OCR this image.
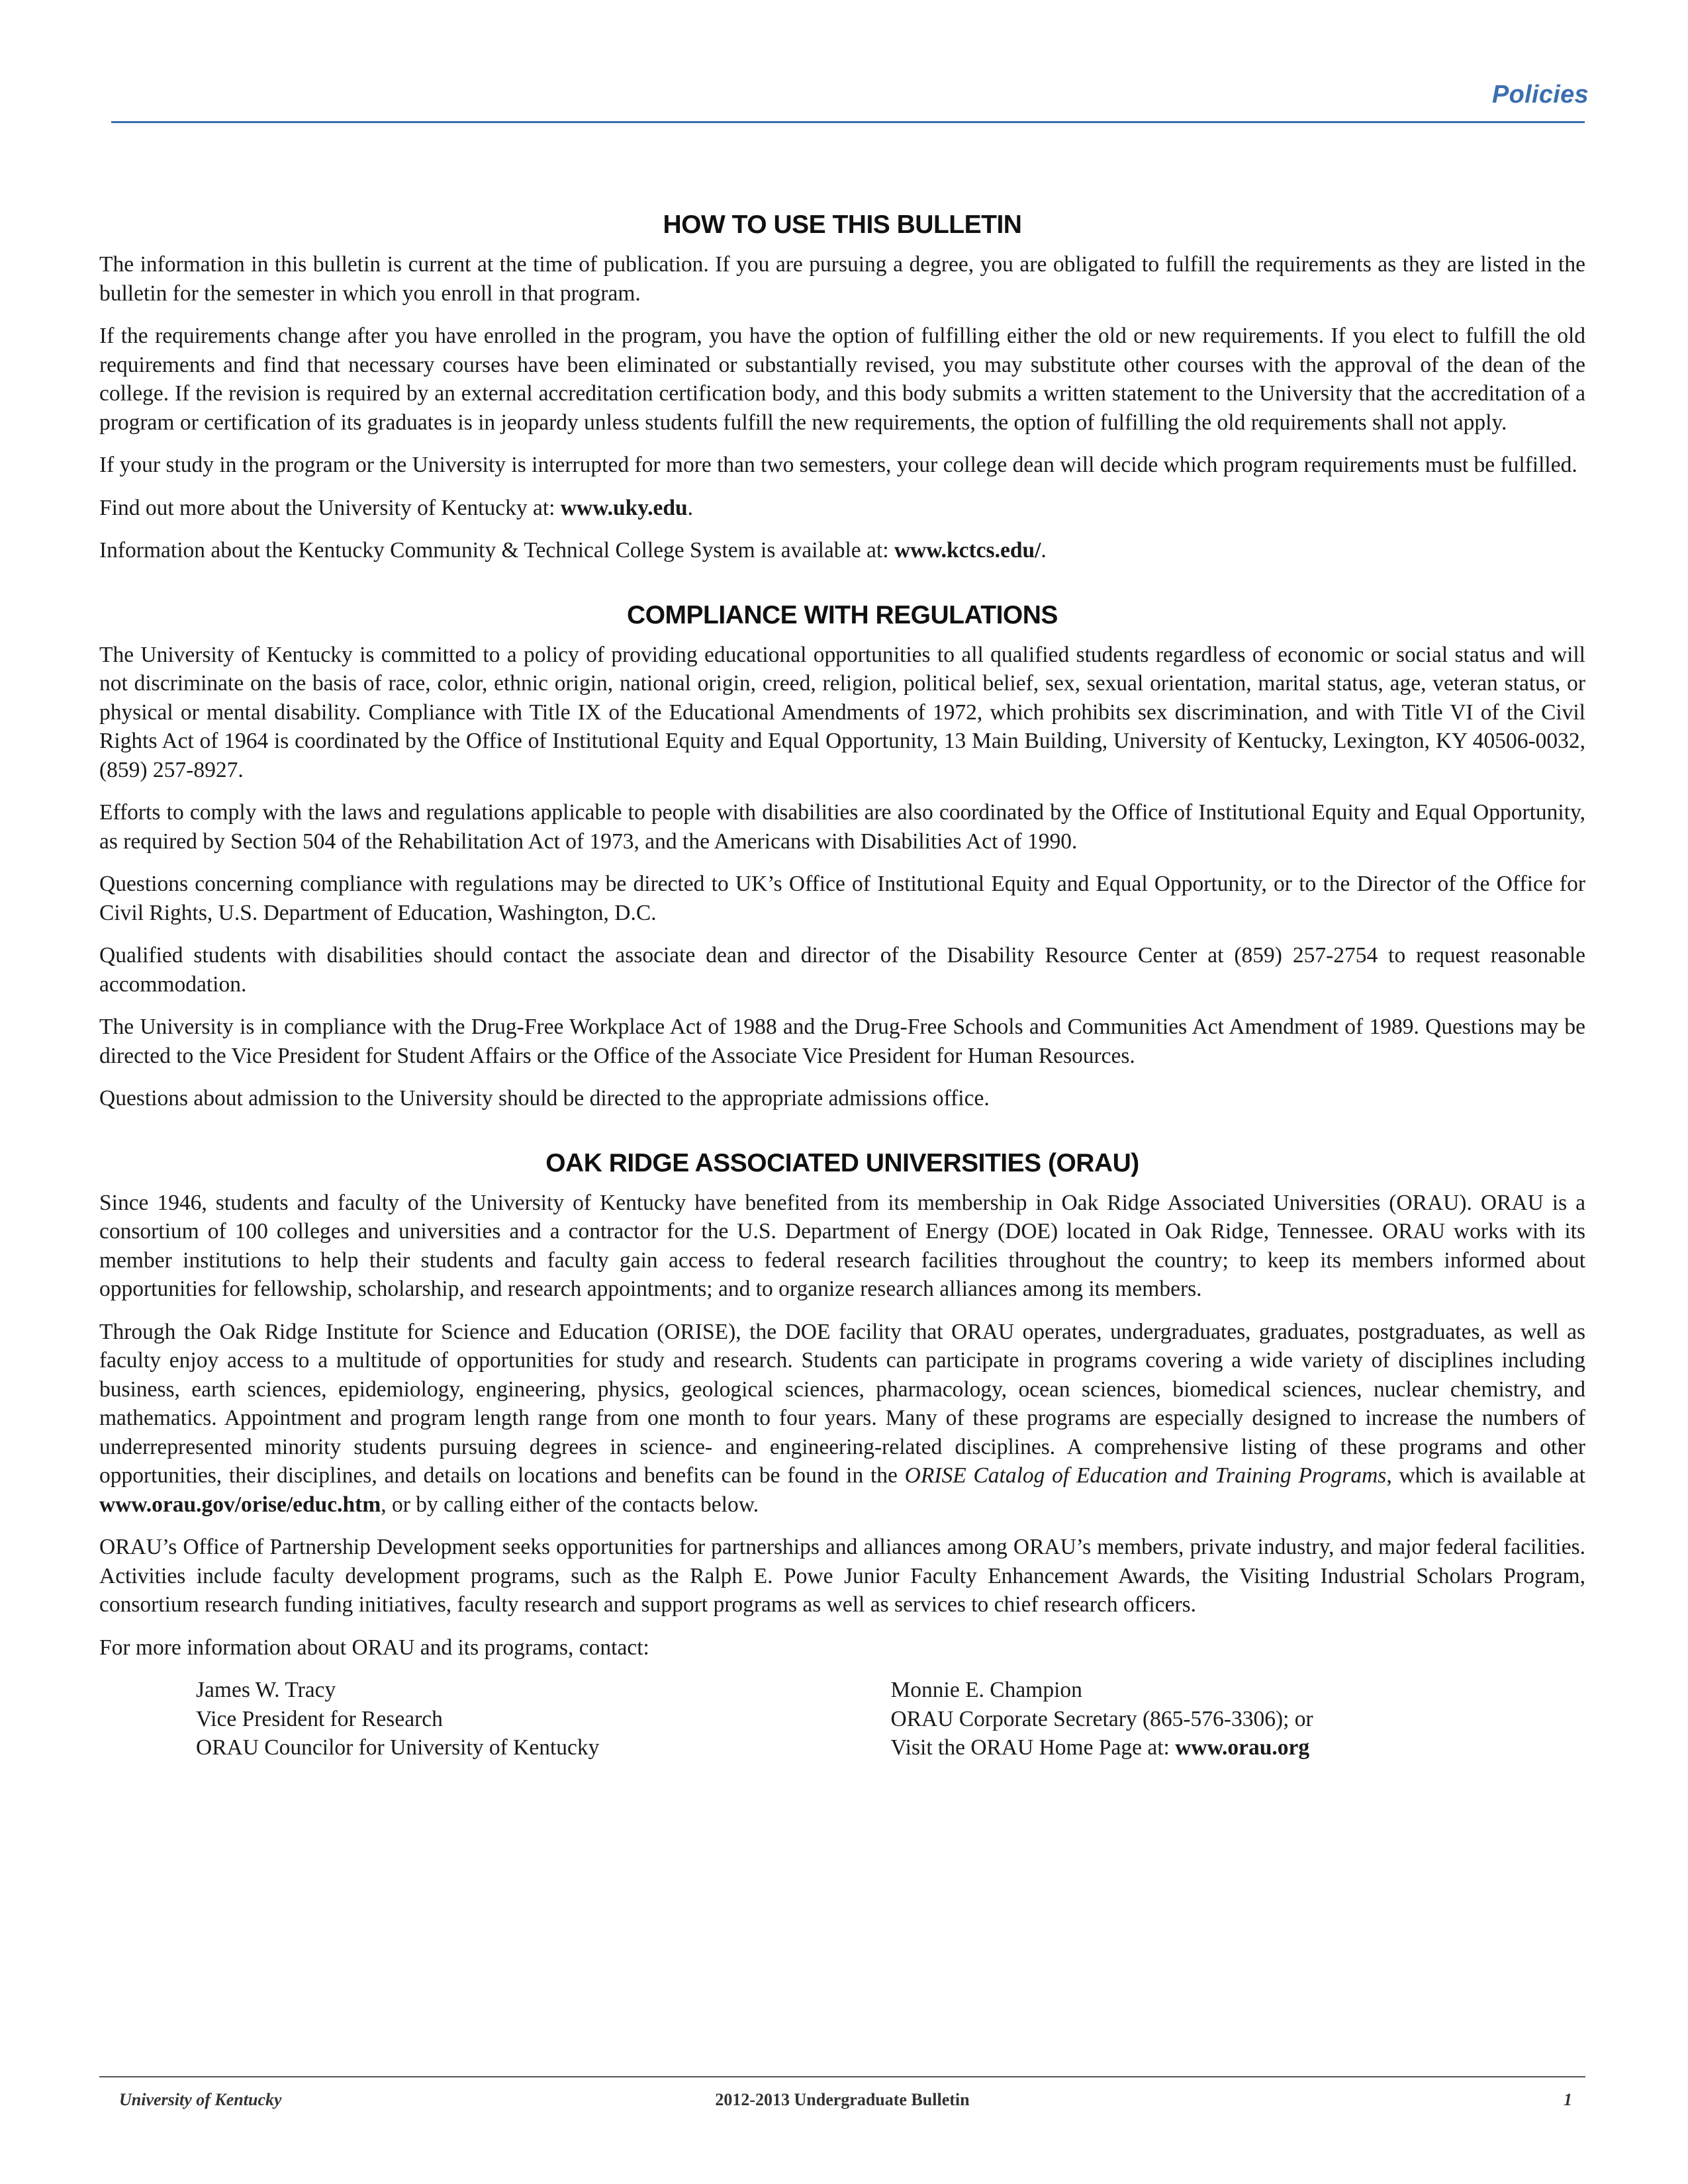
Policies
HOW TO USE THIS BULLETIN

The information in this bulletin is current at the time of publication. If you are pursuing a degree, you are obligated to fulfill the requirements as they are listed in the bulletin for the semester in which you enroll in that program.

If the requirements change after you have enrolled in the program, you have the option of fulfilling either the old or new requirements. If you elect to fulfill the old requirements and find that necessary courses have been eliminated or substantially revised, you may substitute other courses with the approval of the dean of the college. If the revision is required by an external accreditation certification body, and this body submits a written statement to the University that the accreditation of a program or certification of its graduates is in jeopardy unless students fulfill the new requirements, the option of fulfilling the old requirements shall not apply.

If your study in the program or the University is interrupted for more than two semesters, your college dean will decide which program requirements must be fulfilled.

Find out more about the University of Kentucky at: www.uky.edu.

Information about the Kentucky Community & Technical College System is available at: www.kctcs.edu/.

COMPLIANCE WITH REGULATIONS

The University of Kentucky is committed to a policy of providing educational opportunities to all qualified students regardless of economic or social status and will not discriminate on the basis of race, color, ethnic origin, national origin, creed, religion, political belief, sex, sexual orientation, marital status, age, veteran status, or physical or mental disability. Compliance with Title IX of the Educational Amendments of 1972, which prohibits sex discrimination, and with Title VI of the Civil Rights Act of 1964 is coordinated by the Office of Institutional Equity and Equal Opportunity, 13 Main Building, University of Kentucky, Lexington, KY 40506-0032, (859) 257-8927.

Efforts to comply with the laws and regulations applicable to people with disabilities are also coordinated by the Office of Institutional Equity and Equal Opportunity, as required by Section 504 of the Rehabilitation Act of 1973, and the Americans with Disabilities Act of 1990.

Questions concerning compliance with regulations may be directed to UK’s Office of Institutional Equity and Equal Opportunity, or to the Director of the Office for Civil Rights, U.S. Department of Education, Washington, D.C.

Qualified students with disabilities should contact the associate dean and director of the Disability Resource Center at (859) 257-2754 to request reasonable accommodation.

The University is in compliance with the Drug-Free Workplace Act of 1988 and the Drug-Free Schools and Communities Act Amendment of 1989. Questions may be directed to the Vice President for Student Affairs or the Office of the Associate Vice President for Human Resources.

Questions about admission to the University should be directed to the appropriate admissions office.

OAK RIDGE ASSOCIATED UNIVERSITIES (ORAU)

Since 1946, students and faculty of the University of Kentucky have benefited from its membership in Oak Ridge Associated Universities (ORAU). ORAU is a consortium of 100 colleges and universities and a contractor for the U.S. Department of Energy (DOE) located in Oak Ridge, Tennessee. ORAU works with its member institutions to help their students and faculty gain access to federal research facilities throughout the country; to keep its members informed about opportunities for fellowship, scholarship, and research appointments; and to organize research alliances among its members.

Through the Oak Ridge Institute for Science and Education (ORISE), the DOE facility that ORAU operates, undergraduates, graduates, postgraduates, as well as faculty enjoy access to a multitude of opportunities for study and research. Students can participate in programs covering a wide variety of disciplines including business, earth sciences, epidemiology, engineering, physics, geological sciences, pharmacology, ocean sciences, biomedical sciences, nuclear chemistry, and mathematics. Appointment and program length range from one month to four years. Many of these programs are especially designed to increase the numbers of underrepresented minority students pursuing degrees in science- and engineering-related disciplines. A comprehensive listing of these programs and other opportunities, their disciplines, and details on locations and benefits can be found in the ORISE Catalog of Education and Training Programs, which is available at www.orau.gov/orise/educ.htm, or by calling either of the contacts below.

ORAU’s Office of Partnership Development seeks opportunities for partnerships and alliances among ORAU’s members, private industry, and major federal facilities. Activities include faculty development programs, such as the Ralph E. Powe Junior Faculty Enhancement Awards, the Visiting Industrial Scholars Program, consortium research funding initiatives, faculty research and support programs as well as services to chief research officers.

For more information about ORAU and its programs, contact:

James W. Tracy
Vice President for Research
ORAU Councilor for University of Kentucky
Monnie E. Champion
ORAU Corporate Secretary (865-576-3306); or
Visit the ORAU Home Page at: www.orau.org
University of Kentucky	2012-2013 Undergraduate Bulletin	1
